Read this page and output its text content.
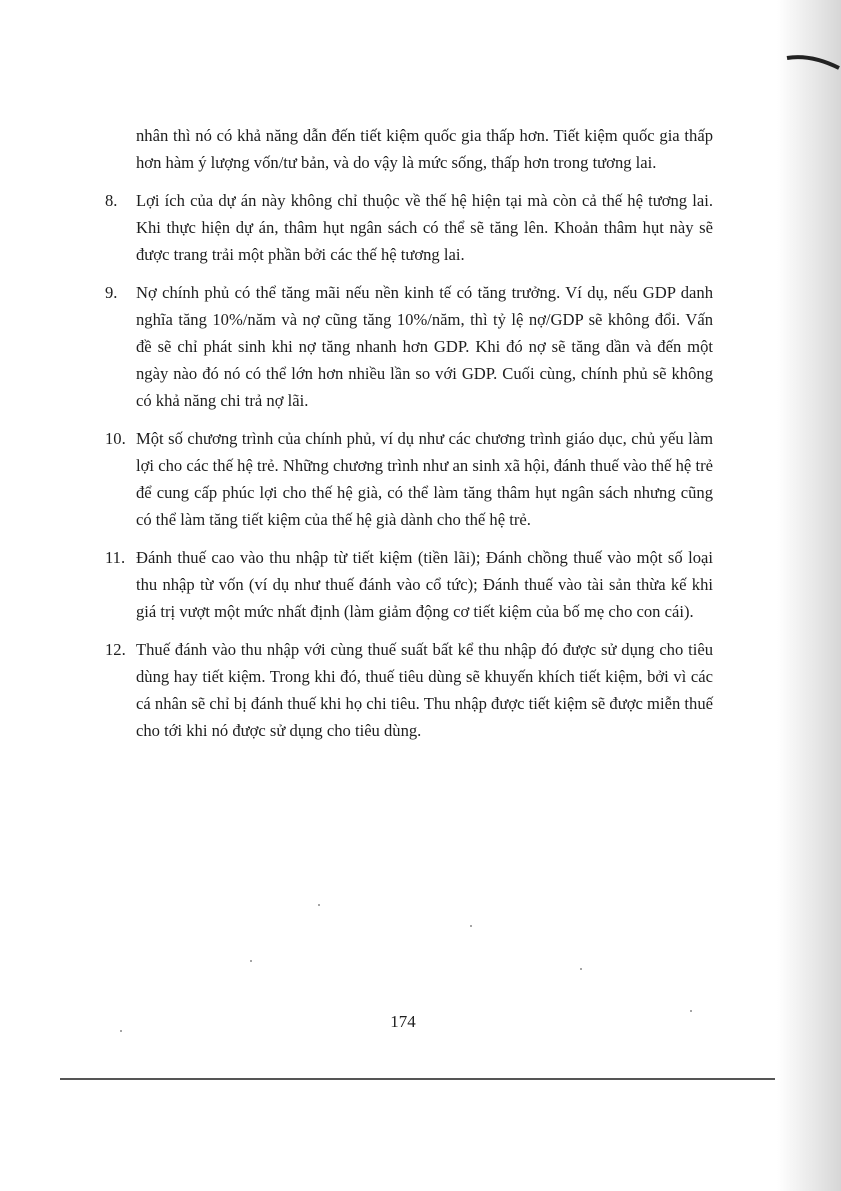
nhân thì nó có khả năng dẫn đến tiết kiệm quốc gia thấp hơn. Tiết kiệm quốc gia thấp hơn hàm ý lượng vốn/tư bản, và do vậy là mức sống, thấp hơn trong tương lai.

8. Lợi ích của dự án này không chỉ thuộc về thế hệ hiện tại mà còn cả thế hệ tương lai. Khi thực hiện dự án, thâm hụt ngân sách có thể sẽ tăng lên. Khoản thâm hụt này sẽ được trang trải một phần bởi các thế hệ tương lai.

9. Nợ chính phủ có thể tăng mãi nếu nền kinh tế có tăng trưởng. Ví dụ, nếu GDP danh nghĩa tăng 10%/năm và nợ cũng tăng 10%/năm, thì tỷ lệ nợ/GDP sẽ không đổi. Vấn đề sẽ chỉ phát sinh khi nợ tăng nhanh hơn GDP. Khi đó nợ sẽ tăng dần và đến một ngày nào đó nó có thể lớn hơn nhiều lần so với GDP. Cuối cùng, chính phủ sẽ không có khả năng chi trả nợ lãi.

10. Một số chương trình của chính phủ, ví dụ như các chương trình giáo dục, chủ yếu làm lợi cho các thế hệ trẻ. Những chương trình như an sinh xã hội, đánh thuế vào thế hệ trẻ để cung cấp phúc lợi cho thế hệ già, có thể làm tăng thâm hụt ngân sách nhưng cũng có thể làm tăng tiết kiệm của thế hệ già dành cho thế hệ trẻ.

11. Đánh thuế cao vào thu nhập từ tiết kiệm (tiền lãi); Đánh chồng thuế vào một số loại thu nhập từ vốn (ví dụ như thuế đánh vào cổ tức); Đánh thuế vào tài sản thừa kế khi giá trị vượt một mức nhất định (làm giảm động cơ tiết kiệm của bố mẹ cho con cái).

12. Thuế đánh vào thu nhập với cùng thuế suất bất kể thu nhập đó được sử dụng cho tiêu dùng hay tiết kiệm. Trong khi đó, thuế tiêu dùng sẽ khuyến khích tiết kiệm, bởi vì các cá nhân sẽ chỉ bị đánh thuế khi họ chi tiêu. Thu nhập được tiết kiệm sẽ được miễn thuế cho tới khi nó được sử dụng cho tiêu dùng.

174
